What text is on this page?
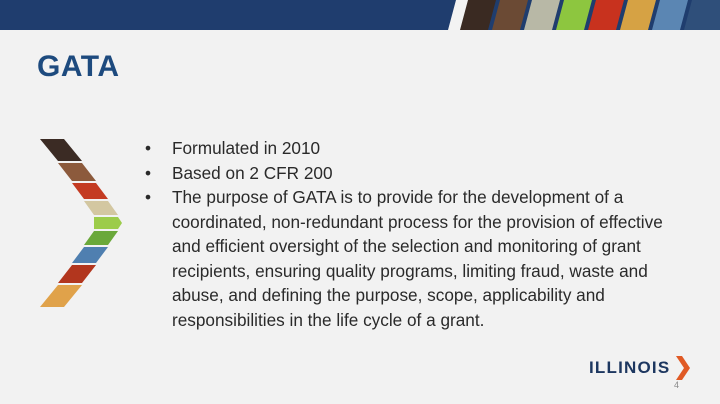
GATA
• Formulated in 2010
• Based on 2 CFR 200
• The purpose of GATA is to provide for the development of a coordinated, non-redundant process for the provision of effective and efficient oversight of the selection and monitoring of grant recipients, ensuring quality programs, limiting fraud, waste and abuse, and defining the purpose, scope, applicability and responsibilities in the life cycle of a grant.
ILLINOIS
4
